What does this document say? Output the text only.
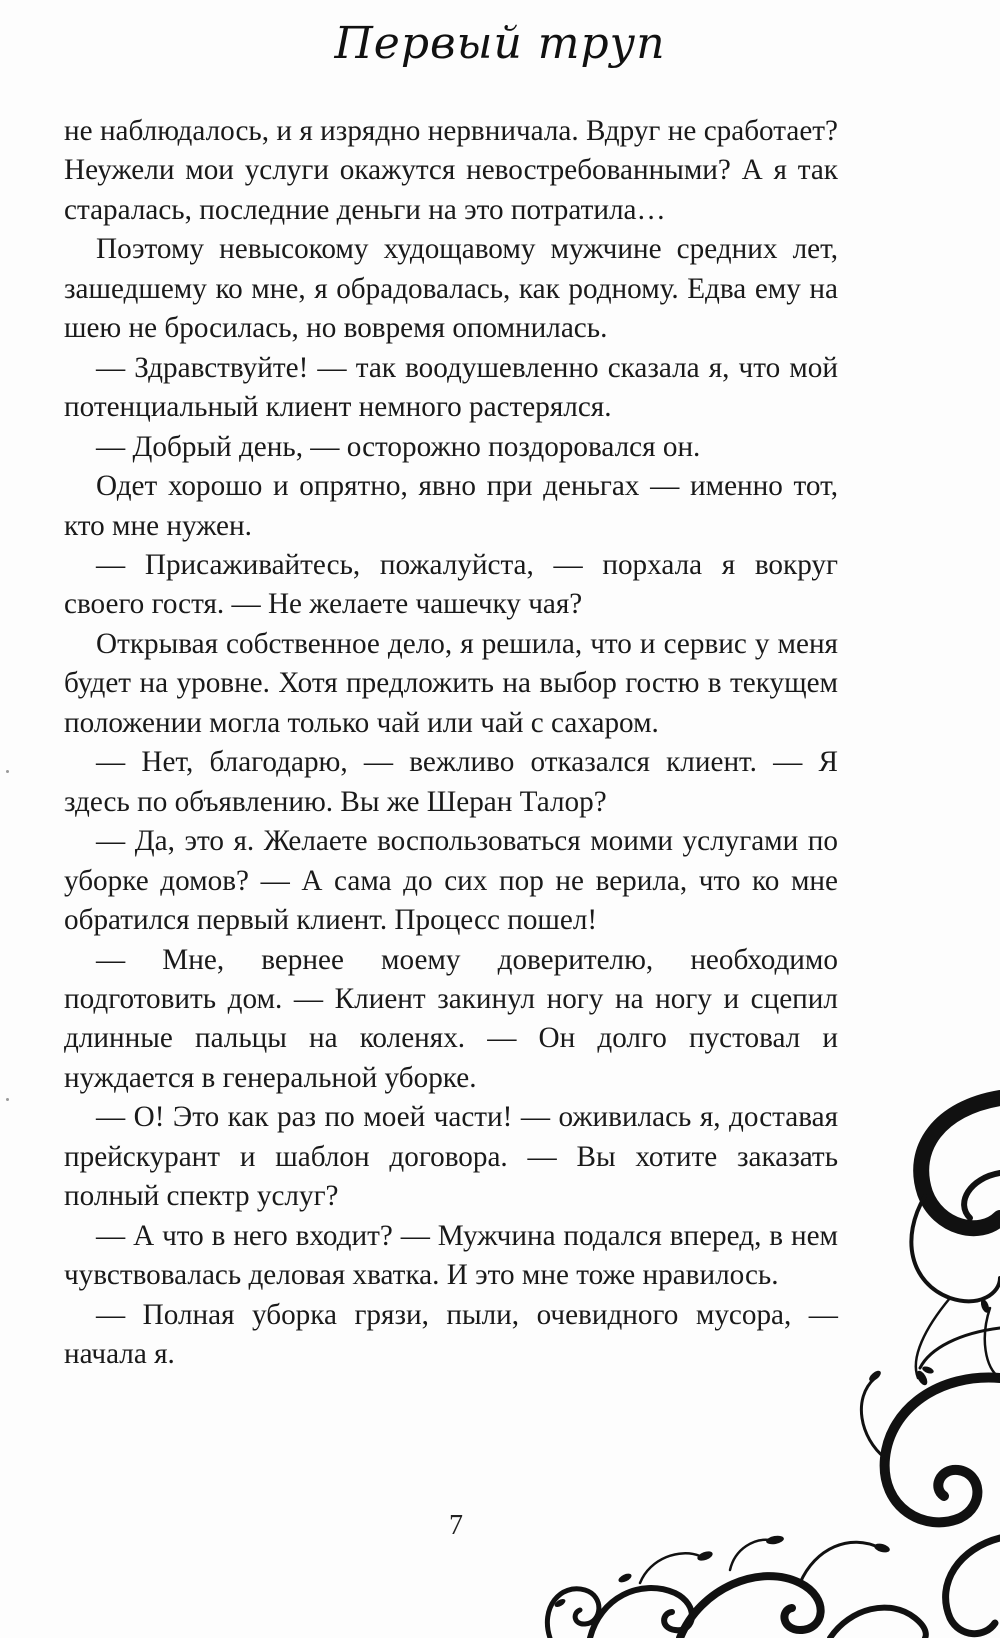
Первый труп

не наблюдалось, и я изрядно нервничала. Вдруг не сработает? Неужели мои услуги окажутся невостребованными? А я так старалась, последние деньги на это потратила…

Поэтому невысокому худощавому мужчине средних лет, зашедшему ко мне, я обрадовалась, как родному. Едва ему на шею не бросилась, но вовремя опомнилась.

— Здравствуйте! — так воодушевленно сказала я, что мой потенциальный клиент немного растерялся.

— Добрый день, — осторожно поздоровался он.

Одет хорошо и опрятно, явно при деньгах — именно тот, кто мне нужен.

— Присаживайтесь, пожалуйста, — порхала я вокруг своего гостя. — Не желаете чашечку чая?

Открывая собственное дело, я решила, что и сервис у меня будет на уровне. Хотя предложить на выбор гостю в текущем положении могла только чай или чай с сахаром.

— Нет, благодарю, — вежливо отказался клиент. — Я здесь по объявлению. Вы же Шеран Талор?

— Да, это я. Желаете воспользоваться моими услугами по уборке домов? — А сама до сих пор не верила, что ко мне обратился первый клиент. Процесс пошел!

— Мне, вернее моему доверителю, необходимо подготовить дом. — Клиент закинул ногу на ногу и сцепил длинные пальцы на коленях. — Он долго пустовал и нуждается в генеральной уборке.

— О! Это как раз по моей части! — оживилась я, доставая прейскурант и шаблон договора. — Вы хотите заказать полный спектр услуг?

— А что в него входит? — Мужчина подался вперед, в нем чувствовалась деловая хватка. И это мне тоже нравилось.

— Полная уборка грязи, пыли, очевидного мусора, — начала я.

7
